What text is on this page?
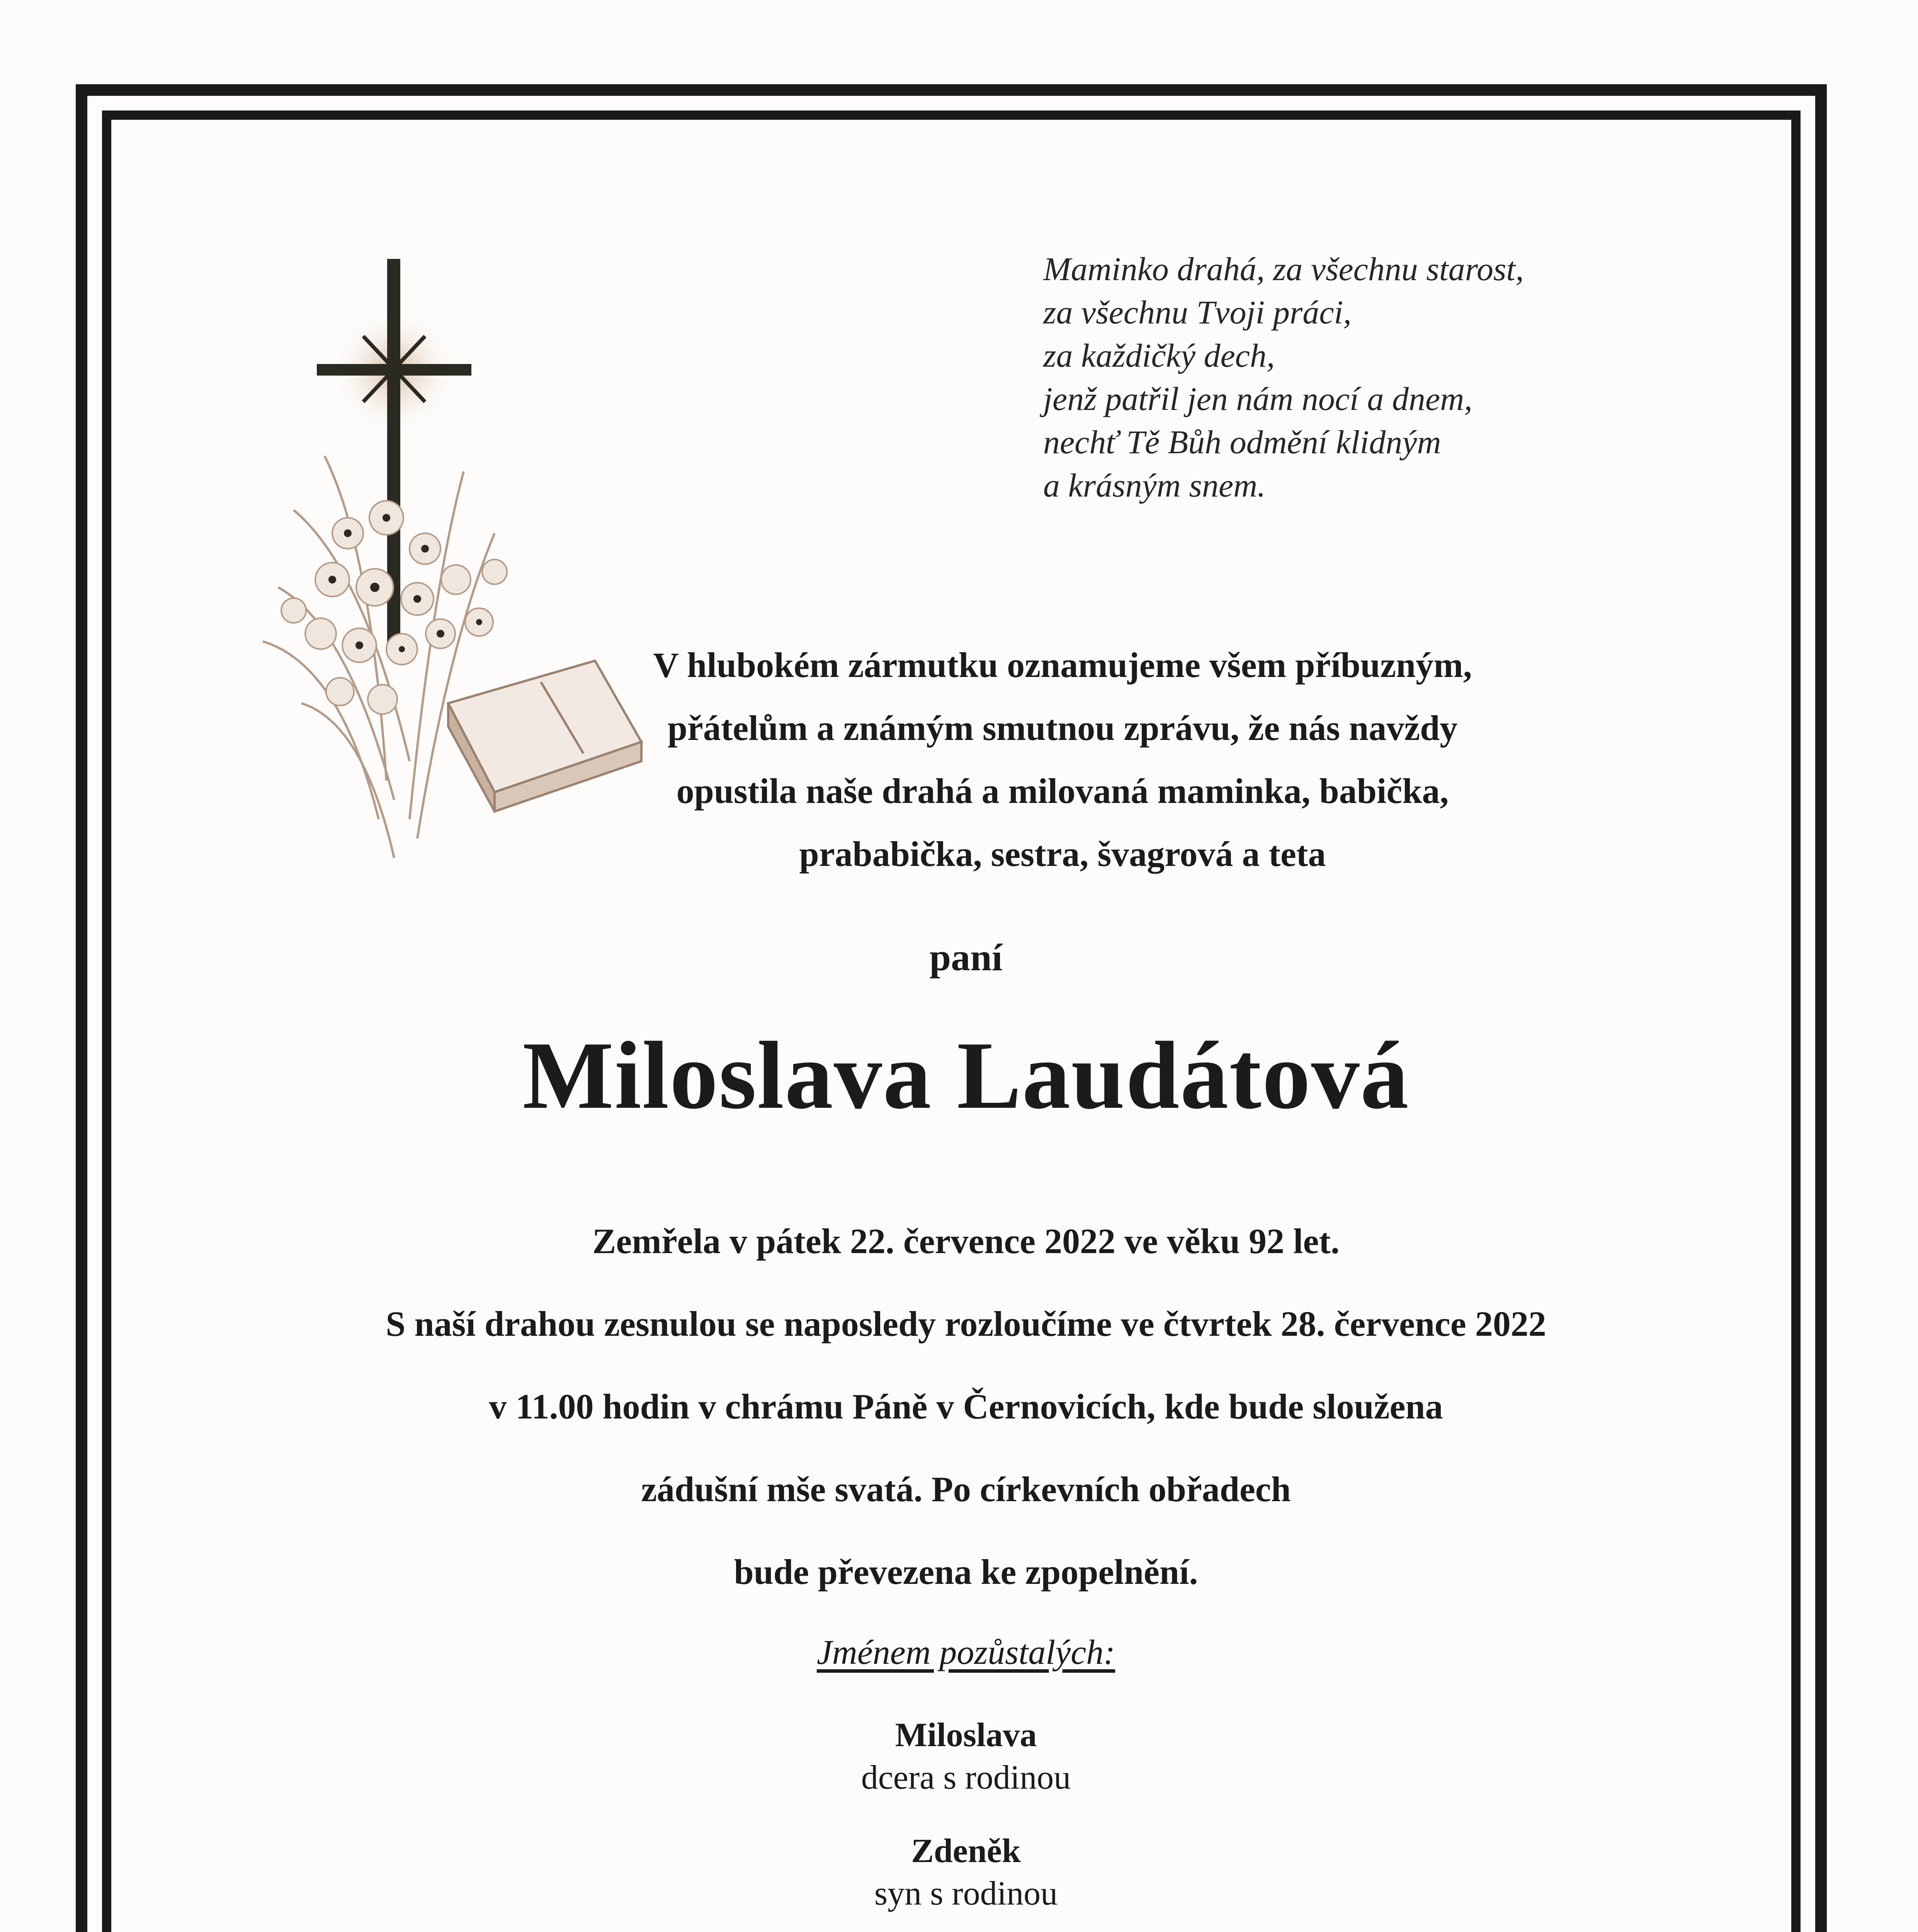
Maminko drahá, za všechnu starost,
za všechnu Tvoji práci,
za každičký dech,
jenž patřil jen nám nocí a dnem,
nechť Tě Bůh odmění klidným
a krásným snem.
V hlubokém zármutku oznamujeme všem příbuzným,
přátelům a známým smutnou zprávu, že nás navždy
opustila naše drahá a milovaná maminka, babička,
prababička, sestra, švagrová a teta
paní
Miloslava Laudátová
Zemřela v pátek 22. července 2022 ve věku 92 let.
S naší drahou zesnulou se naposledy rozloučíme ve čtvrtek 28. července 2022
v 11.00 hodin v chrámu Páně v Černovicích, kde bude sloužena
zádušní mše svatá. Po církevních obřadech
bude převezena ke zpopelnění.
Jménem pozůstalých:
Miloslava
dcera s rodinou
Zdeněk
syn s rodinou
